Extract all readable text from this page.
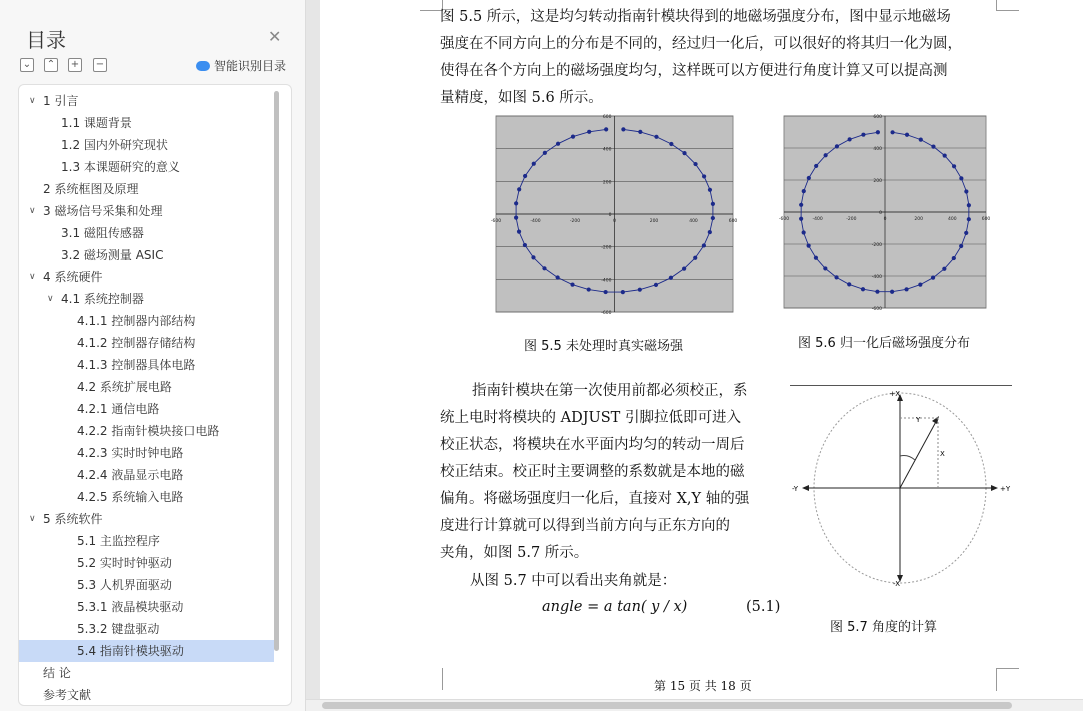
目录	✕
⌄ ⌃ + −	智能识别目录
∨ 1 引言
1.1 课题背景
1.2 国内外研究现状
1.3 本课题研究的意义
2 系统框图及原理
∨ 3 磁场信号采集和处理
3.1 磁阻传感器
3.2 磁场测量 ASIC
∨ 4 系统硬件
∨ 4.1 系统控制器
4.1.1 控制器内部结构
4.1.2 控制器存储结构
4.1.3 控制器具体电路
4.2 系统扩展电路
4.2.1 通信电路
4.2.2 指南针模块接口电路
4.2.3 实时时钟电路
4.2.4 液晶显示电路
4.2.5 系统输入电路
∨ 5 系统软件
5.1 主监控程序
5.2 实时时钟驱动
5.3 人机界面驱动
5.3.1 液晶模块驱动
5.3.2 键盘驱动
5.4 指南针模块驱动
结 论
参考文献
图 5.5 所示，这是均匀转动指南针模块得到的地磁场强度分布，图中显示地磁场
强度在不同方向上的分布是不同的，经过归一化后，可以很好的将其归一化为圆，
使得在各个方向上的磁场强度均匀，这样既可以方便进行角度计算又可以提高测
量精度，如图 5.6 所示。
600
400
200
0
-200
-400
-600
-600	-400	-200	0	200	400	600
600
400
200
0
-200
-400
-600
-600	-400	-200	0	200	400	600
图 5.5 未处理时真实磁场强	图 5.6 归一化后磁场强度分布
指南针模块在第一次使用前都必须校正，系
统上电时将模块的 ADJUST 引脚拉低即可进入
校正状态，将模块在水平面内均匀的转动一周后
校正结束。校正时主要调整的系数就是本地的磁
偏角。将磁场强度归一化后，直接对 X,Y 轴的强
度进行计算就可以得到当前方向与正东方向的
夹角，如图 5.7 所示。
从图 5.7 中可以看出夹角就是：
angle = a tan( y / x)	(5.1)
+X
-X
-Y	+Y
Y
X
图 5.7 角度的计算
第 15 页 共 18 页
